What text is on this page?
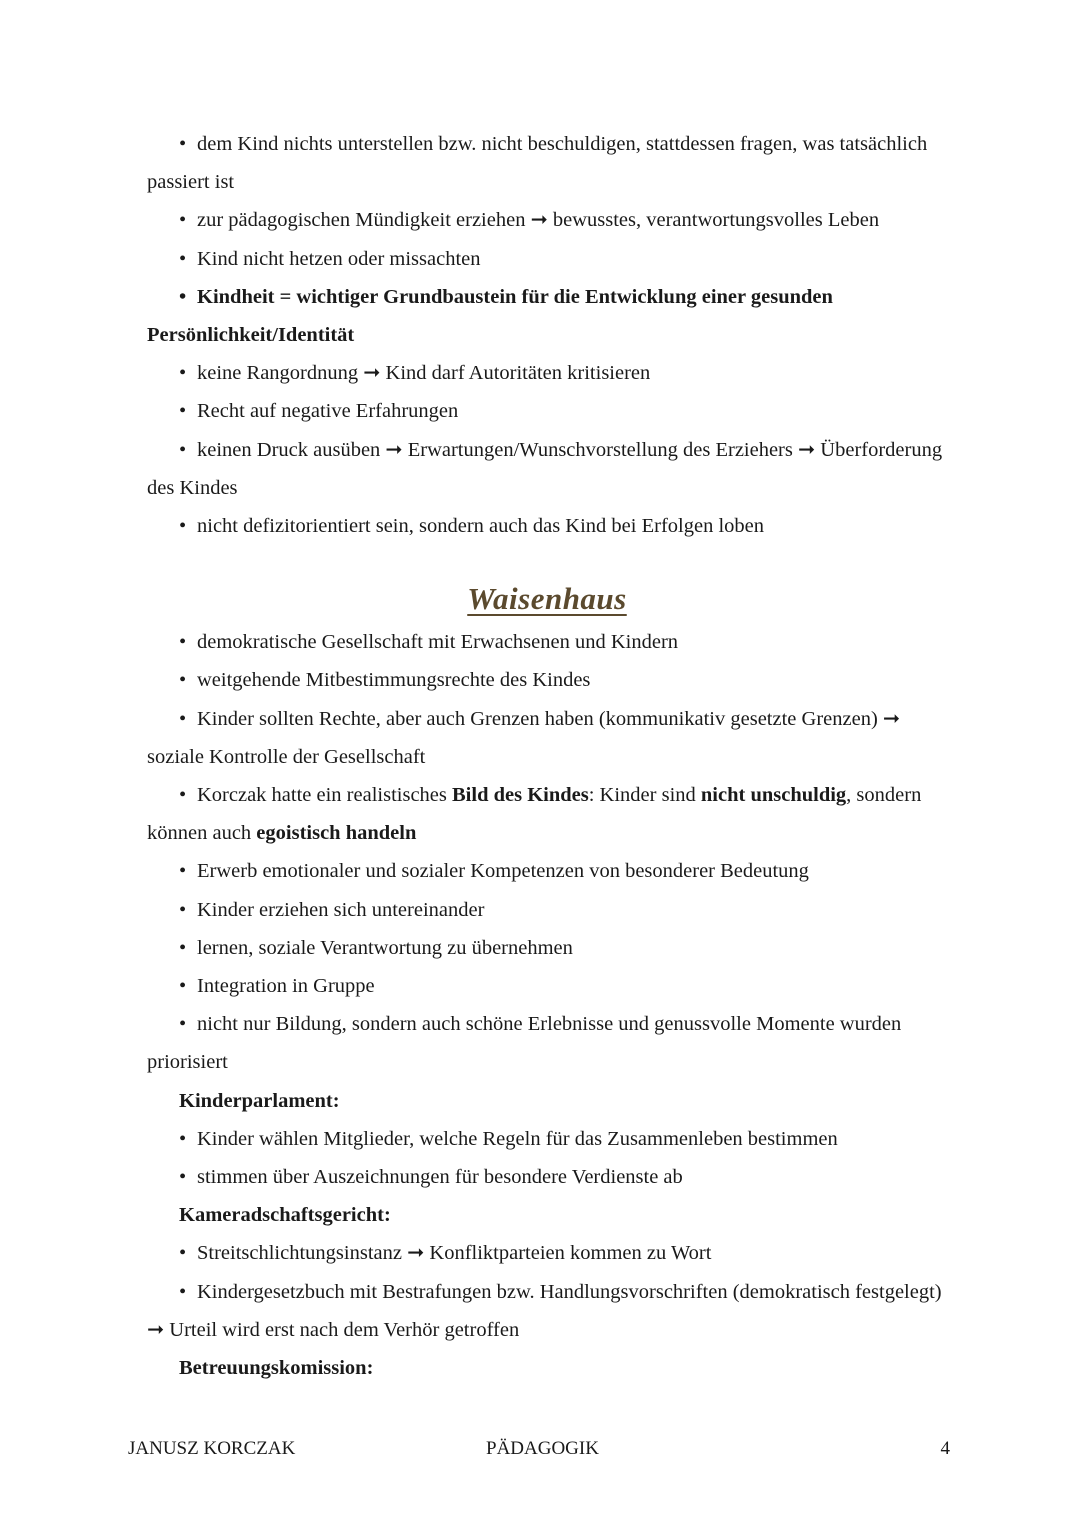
• dem Kind nichts unterstellen bzw. nicht beschuldigen, stattdessen fragen, was tatsächlich passiert ist

• zur pädagogischen Mündigkeit erziehen ➞ bewusstes, verantwortungsvolles Leben

• Kind nicht hetzen oder missachten

• Kindheit = wichtiger Grundbaustein für die Entwicklung einer gesunden Persönlichkeit/Identität

• keine Rangordnung ➞ Kind darf Autoritäten kritisieren

• Recht auf negative Erfahrungen

• keinen Druck ausüben ➞ Erwartungen/Wunschvorstellung des Erziehers ➞ Überforderung des Kindes

• nicht defizitorientiert sein, sondern auch das Kind bei Erfolgen loben

Waisenhaus

• demokratische Gesellschaft mit Erwachsenen und Kindern

• weitgehende Mitbestimmungsrechte des Kindes

• Kinder sollten Rechte, aber auch Grenzen haben (kommunikativ gesetzte Grenzen) ➞ soziale Kontrolle der Gesellschaft

• Korczak hatte ein realistisches Bild des Kindes: Kinder sind nicht unschuldig, sondern können auch egoistisch handeln

• Erwerb emotionaler und sozialer Kompetenzen von besonderer Bedeutung

• Kinder erziehen sich untereinander

• lernen, soziale Verantwortung zu übernehmen

• Integration in Gruppe

• nicht nur Bildung, sondern auch schöne Erlebnisse und genussvolle Momente wurden priorisiert

Kinderparlament:

• Kinder wählen Mitglieder, welche Regeln für das Zusammenleben bestimmen

• stimmen über Auszeichnungen für besondere Verdienste ab

Kameradschaftsgericht:

• Streitschlichtungsinstanz ➞ Konfliktparteien kommen zu Wort

• Kindergesetzbuch mit Bestrafungen bzw. Handlungsvorschriften (demokratisch festgelegt) ➞ Urteil wird erst nach dem Verhör getroffen

Betreuungskomission:

JANUSZ KORCZAK	PÄDAGOGIK	4
